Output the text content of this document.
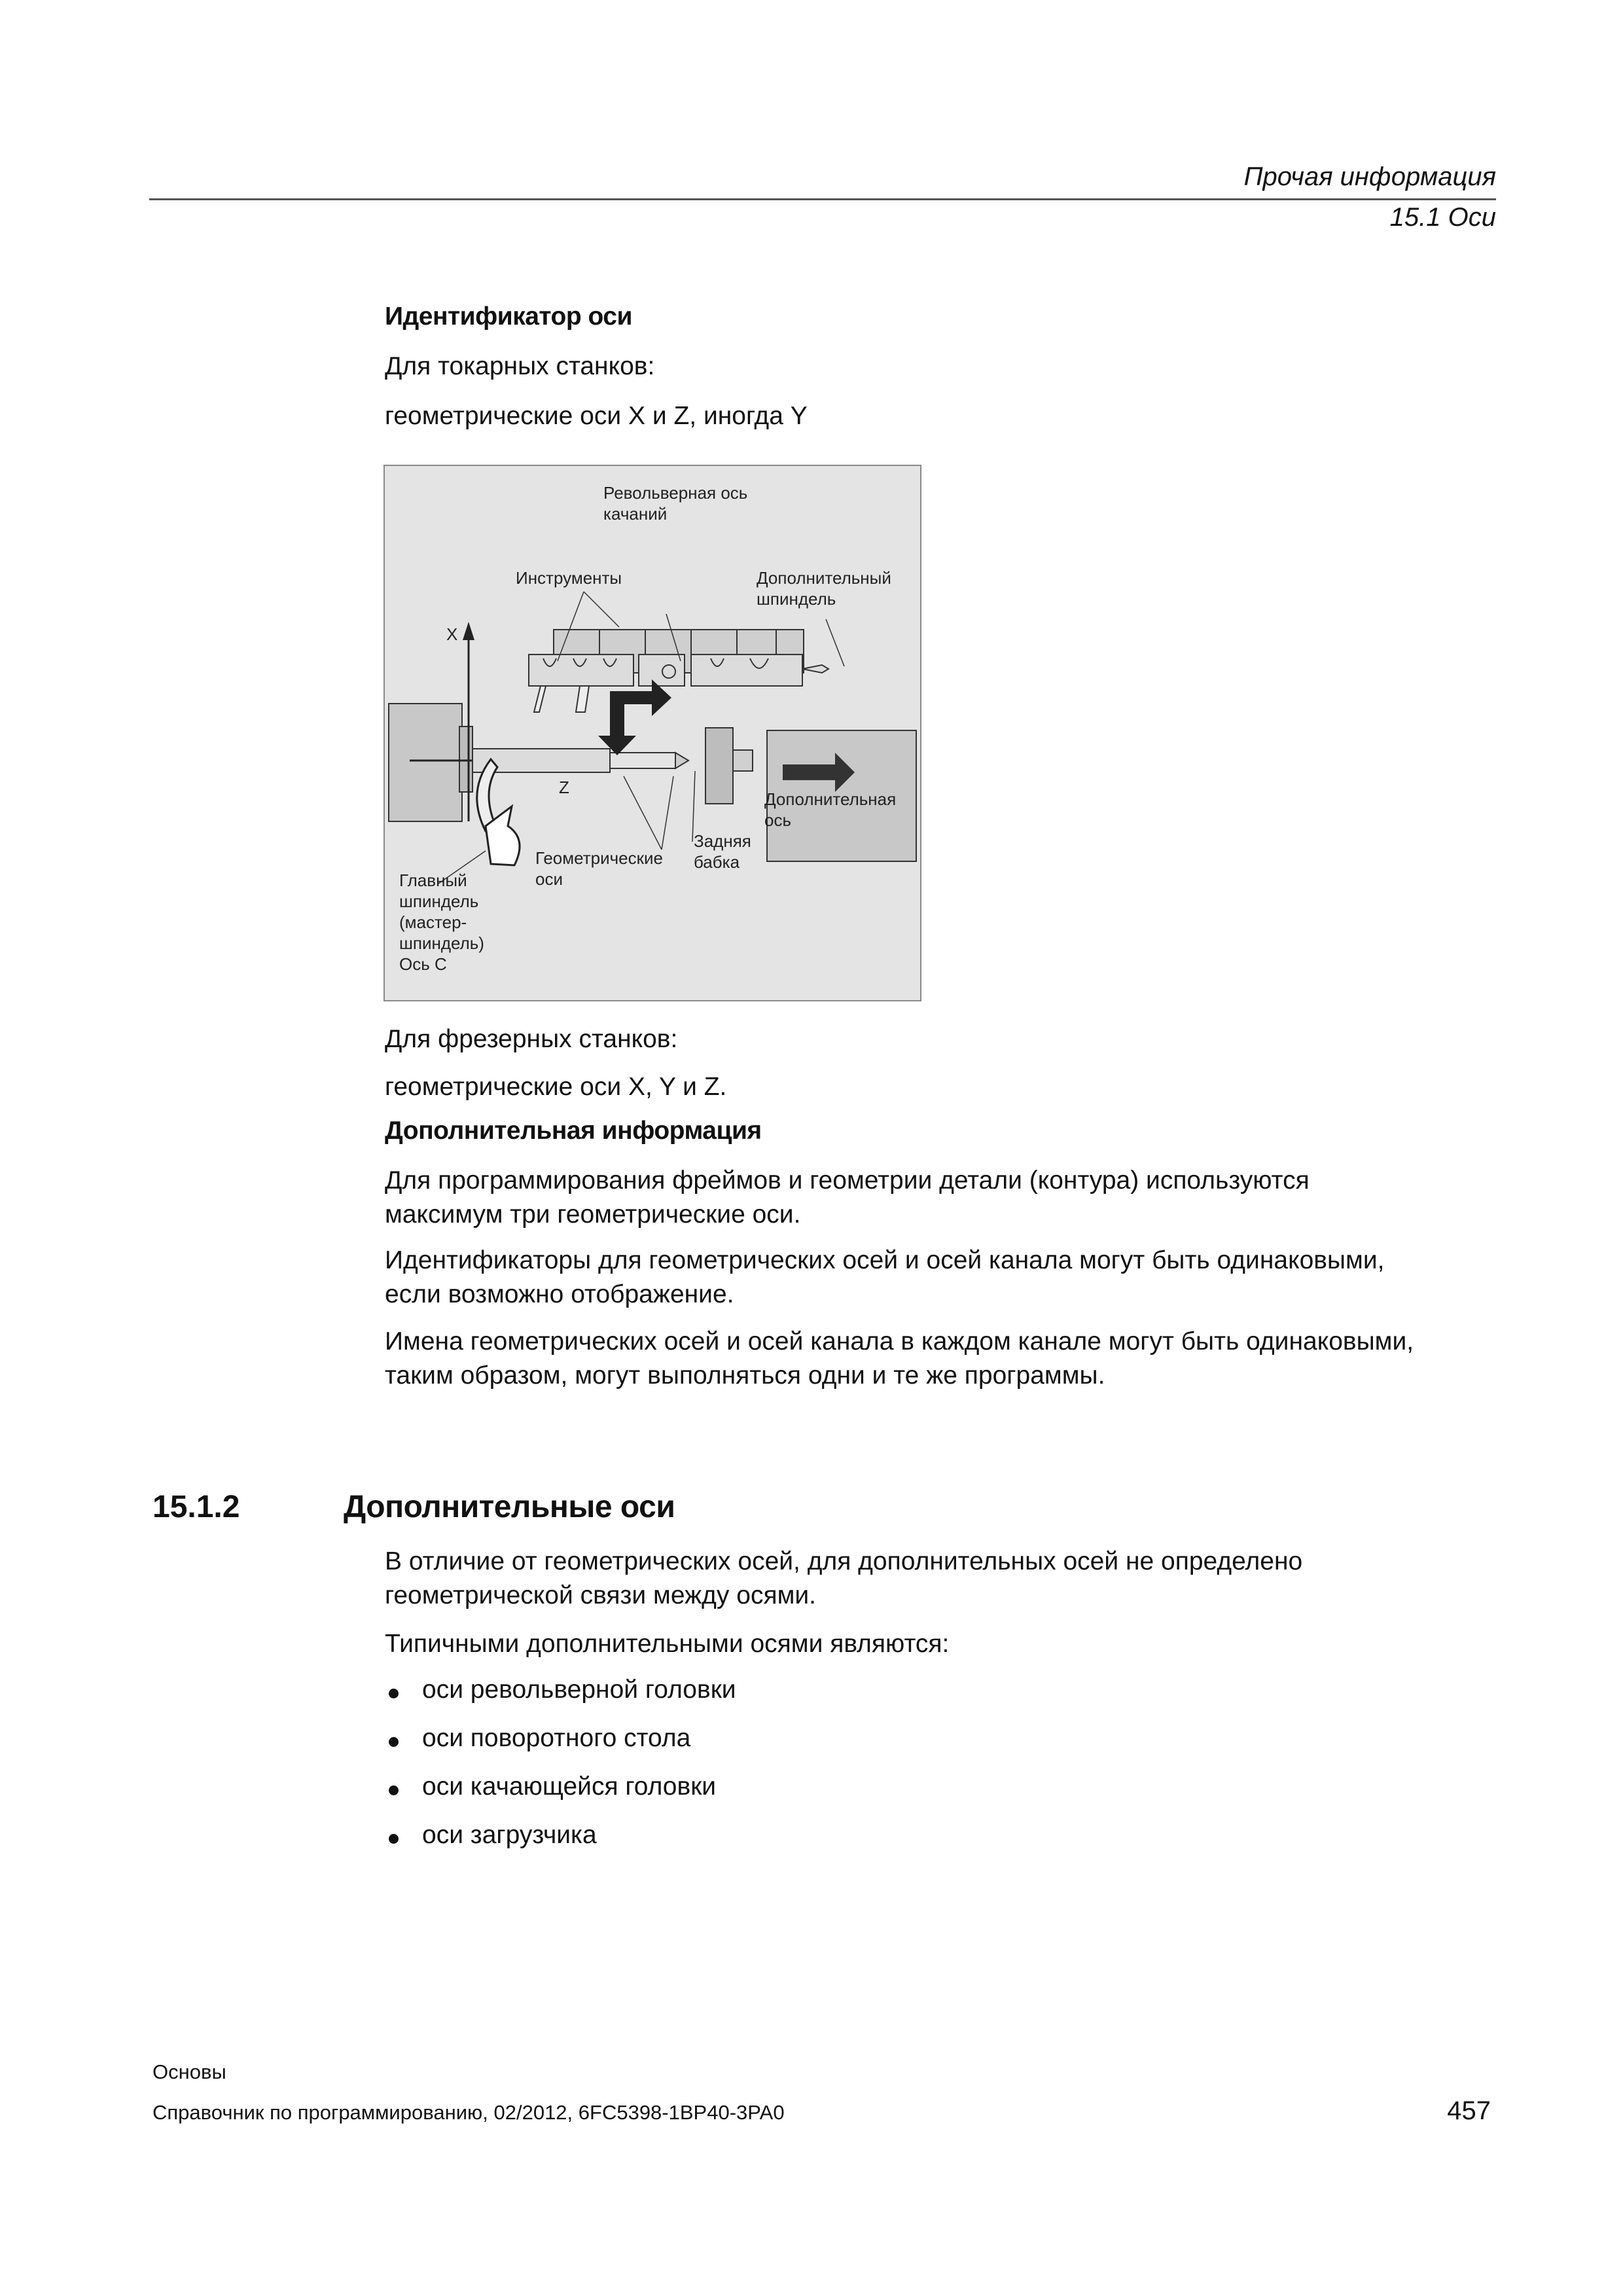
Прочая информация
15.1 Оси
Идентификатор оси
Для токарных станков:
геометрические оси X и Z, иногда Y
Револьверная ось
качаний
Инструменты	Дополнительный
шпиндель
X
Z
Дополнительная
ось
Задняя
бабка
Геометрические
оси
Главный
шпиндель
(мастер-
шпиндель)
Ось C
Для фрезерных станков:
геометрические оси X, Y и Z.
Дополнительная информация
Для программирования фреймов и геометрии детали (контура) используются
максимум три геометрические оси.
Идентификаторы для геометрических осей и осей канала могут быть одинаковыми,
если возможно отображение.
Имена геометрических осей и осей канала в каждом канале могут быть одинаковыми,
таким образом, могут выполняться одни и те же программы.
15.1.2	Дополнительные оси
В отличие от геометрических осей, для дополнительных осей не определено
геометрической связи между осями.
Типичными дополнительными осями являются:
оси револьверной головки
оси поворотного стола
оси качающейся головки
оси загрузчика
Основы
Справочник по программированию, 02/2012, 6FC5398-1BP40-3PA0	457
